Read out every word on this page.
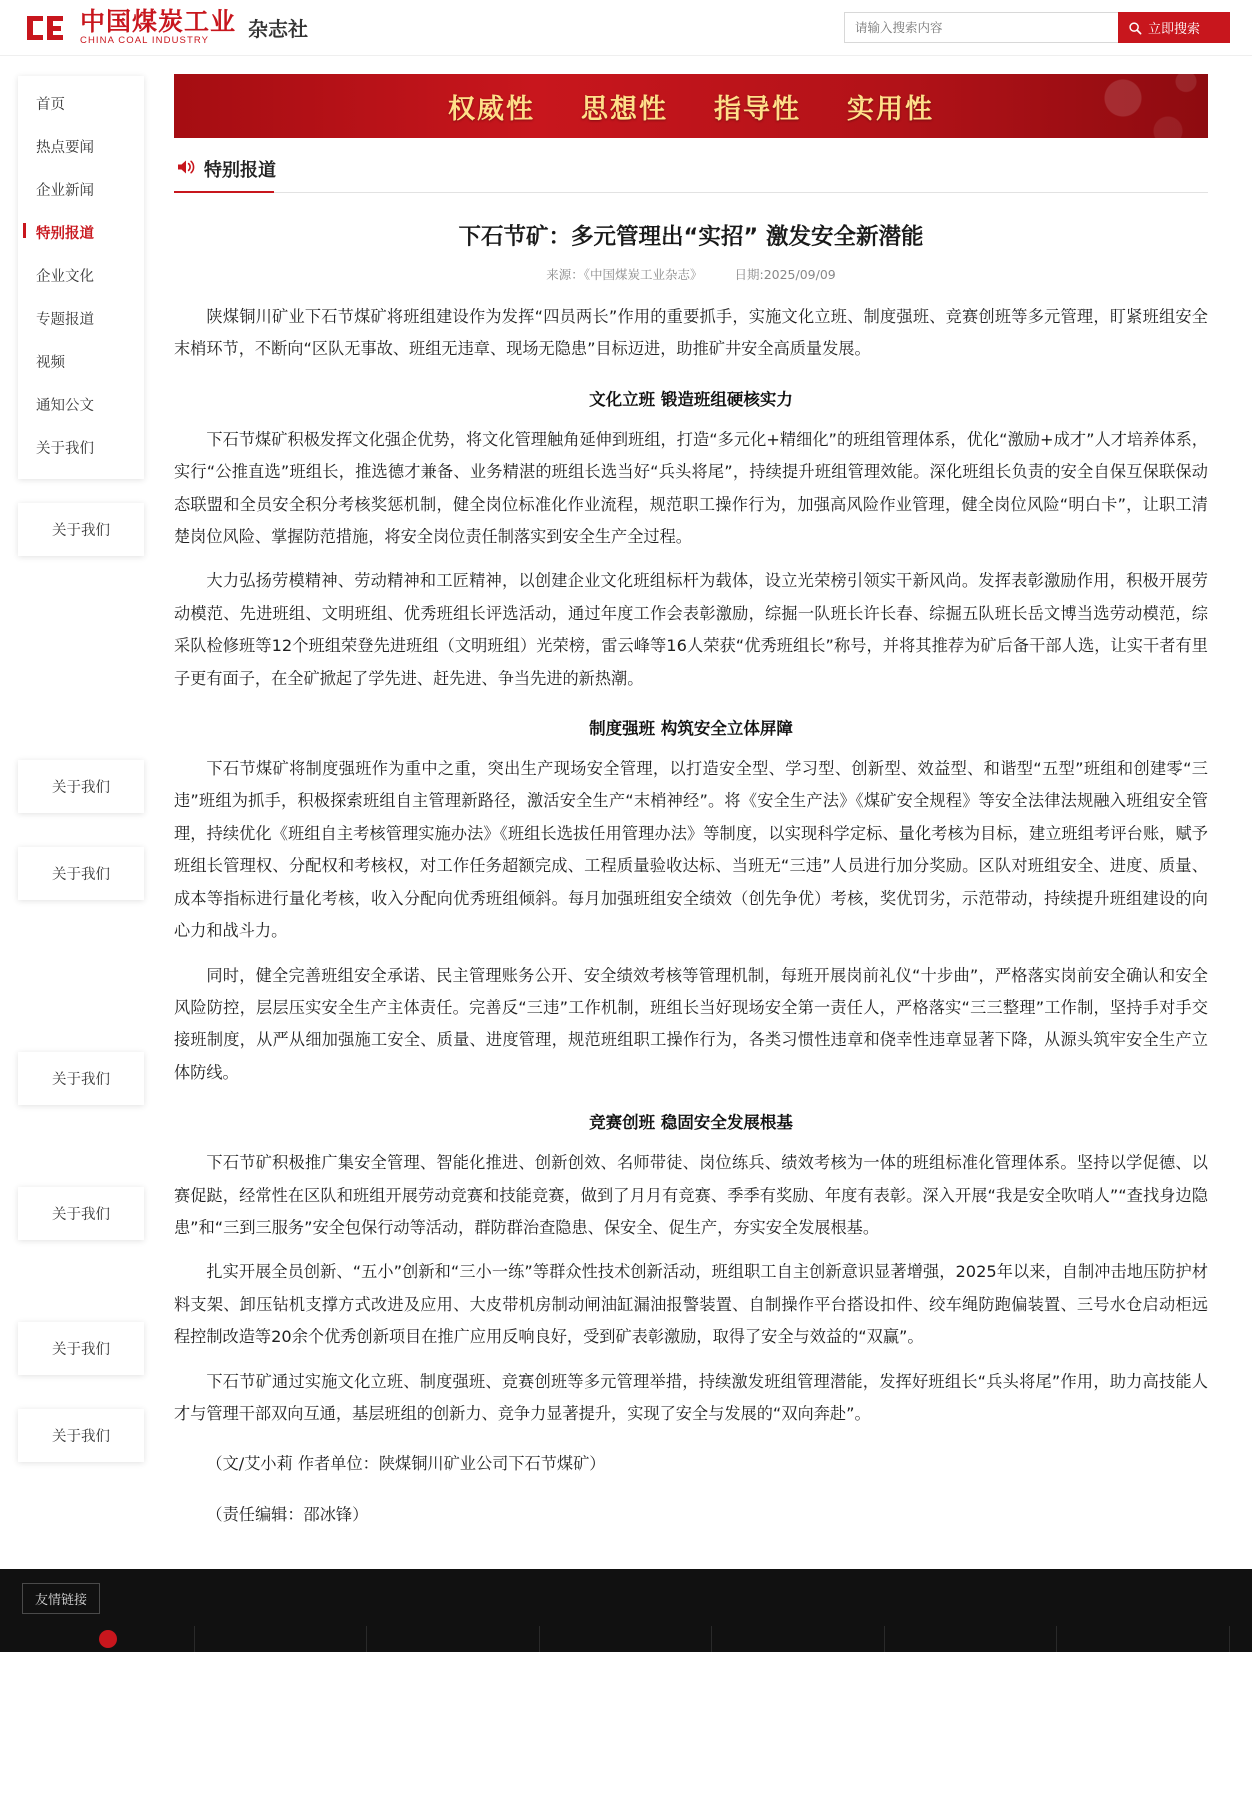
中国煤炭工业
CHINA COAL INDUSTRY	杂志社
请输入搜索内容	立即搜索
首页
热点要闻
企业新闻
特别报道
企业文化
专题报道
视频
通知公文
关于我们
关于我们
关于我们
关于我们
关于我们
关于我们
关于我们
关于我们
权威性 思想性 指导性 实用性
特别报道
下石节矿：多元管理出“实招” 激发安全新潜能
来源：《中国煤炭工业杂志》	日期:2025/09/09
陕煤铜川矿业下石节煤矿将班组建设作为发挥“四员两长”作用的重要抓手，实施文化立班、制度强班、竞赛创班等多元管理，盯紧班组安全末梢环节，不断向“区队无事故、班组无违章、现场无隐患”目标迈进，助推矿井安全高质量发展。
文化立班 锻造班组硬核实力
下石节煤矿积极发挥文化强企优势，将文化管理触角延伸到班组，打造“多元化+精细化”的班组管理体系，优化“激励+成才”人才培养体系，实行“公推直选”班组长，推选德才兼备、业务精湛的班组长选当好“兵头将尾”，持续提升班组管理效能。深化班组长负责的安全自保互保联保动态联盟和全员安全积分考核奖惩机制，健全岗位标准化作业流程，规范职工操作行为，加强高风险作业管理，健全岗位风险“明白卡”，让职工清楚岗位风险、掌握防范措施，将安全岗位责任制落实到安全生产全过程。
大力弘扬劳模精神、劳动精神和工匠精神，以创建企业文化班组标杆为载体，设立光荣榜引领实干新风尚。发挥表彰激励作用，积极开展劳动模范、先进班组、文明班组、优秀班组长评选活动，通过年度工作会表彰激励，综掘一队班长许长春、综掘五队班长岳文博当选劳动模范，综采队检修班等12个班组荣登先进班组（文明班组）光荣榜，雷云峰等16人荣获“优秀班组长”称号，并将其推荐为矿后备干部人选，让实干者有里子更有面子，在全矿掀起了学先进、赶先进、争当先进的新热潮。
制度强班 构筑安全立体屏障
下石节煤矿将制度强班作为重中之重，突出生产现场安全管理，以打造安全型、学习型、创新型、效益型、和谐型“五型”班组和创建零“三违”班组为抓手，积极探索班组自主管理新路径，激活安全生产“末梢神经”。将《安全生产法》《煤矿安全规程》等安全法律法规融入班组安全管理，持续优化《班组自主考核管理实施办法》《班组长选拔任用管理办法》等制度，以实现科学定标、量化考核为目标，建立班组考评台账，赋予班组长管理权、分配权和考核权，对工作任务超额完成、工程质量验收达标、当班无“三违”人员进行加分奖励。区队对班组安全、进度、质量、成本等指标进行量化考核，收入分配向优秀班组倾斜。每月加强班组安全绩效（创先争优）考核，奖优罚劣，示范带动，持续提升班组建设的向心力和战斗力。
同时，健全完善班组安全承诺、民主管理账务公开、安全绩效考核等管理机制，每班开展岗前礼仪“十步曲”，严格落实岗前安全确认和安全风险防控，层层压实安全生产主体责任。完善反“三违”工作机制，班组长当好现场安全第一责任人，严格落实“三三整理”工作制，坚持手对手交接班制度，从严从细加强施工安全、质量、进度管理，规范班组职工操作行为，各类习惯性违章和侥幸性违章显著下降，从源头筑牢安全生产立体防线。
竞赛创班 稳固安全发展根基
下石节矿积极推广集安全管理、智能化推进、创新创效、名师带徒、岗位练兵、绩效考核为一体的班组标准化管理体系。坚持以学促德、以赛促跶，经常性在区队和班组开展劳动竞赛和技能竞赛，做到了月月有竞赛、季季有奖励、年度有表彰。深入开展“我是安全吹哨人”“查找身边隐患”和“三到三服务”安全包保行动等活动，群防群治查隐患、保安全、促生产，夯实安全发展根基。
扎实开展全员创新、“五小”创新和“三小一练”等群众性技术创新活动，班组职工自主创新意识显著增强，2025年以来，自制冲击地压防护材料支架、卸压钻机支撑方式改进及应用、大皮带机房制动闸油缸漏油报警装置、自制操作平台搭设扣件、绞车绳防跑偏装置、三号水仓启动柜远程控制改造等20余个优秀创新项目在推广应用反响良好，受到矿表彰激励，取得了安全与效益的“双赢”。
下石节矿通过实施文化立班、制度强班、竞赛创班等多元管理举措，持续激发班组管理潜能，发挥好班组长“兵头将尾”作用，助力高技能人才与管理干部双向互通，基层班组的创新力、竞争力显著提升，实现了安全与发展的“双向奔赴”。
（文/艾小莉 作者单位：陕煤铜川矿业公司下石节煤矿）
（责任编辑：邵冰锋）
友情链接
